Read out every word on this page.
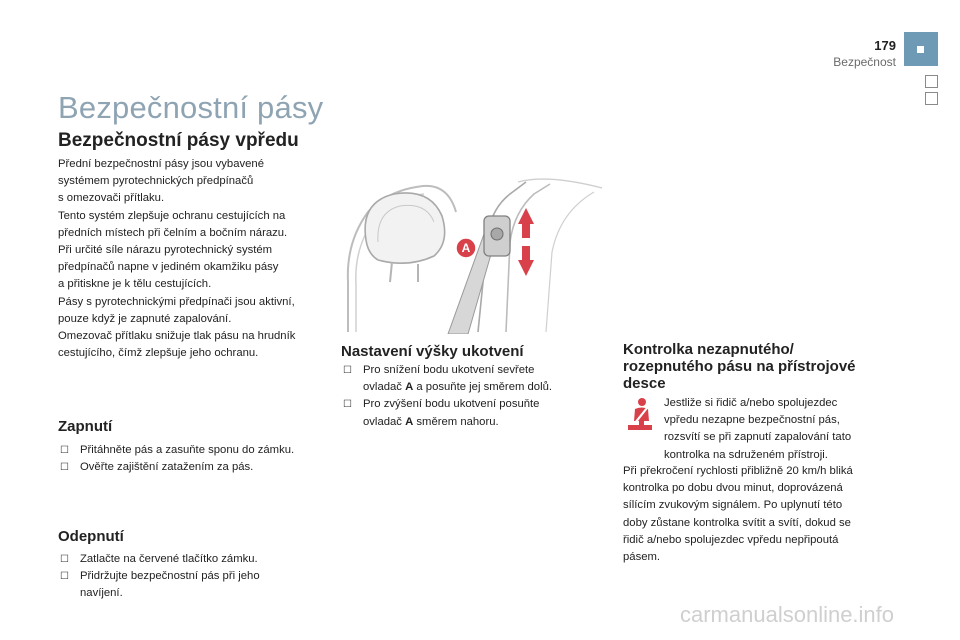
179
Bezpečnost
Bezpečnostní pásy
Bezpečnostní pásy vpředu
Přední bezpečnostní pásy jsou vybavené
systémem pyrotechnických předpínačů
s omezovači přítlaku.
Tento systém zlepšuje ochranu cestujících na
předních místech při čelním a bočním nárazu.
Při určité síle nárazu pyrotechnický systém
předpínačů napne v jediném okamžiku pásy
a přitiskne je k tělu cestujících.
Pásy s pyrotechnickými předpínači jsou aktivní,
pouze když je zapnuté zapalování.
Omezovač přítlaku snižuje tlak pásu na hrudník
cestujícího, čímž zlepšuje jeho ochranu.
Zapnutí
☐ Přitáhněte pás a zasuňte sponu do zámku.
☐ Ověřte zajištění zatažením za pás.
Odepnutí
☐ Zatlačte na červené tlačítko zámku.
☐ Přidržujte bezpečnostní pás při jeho
navíjení.
A
Nastavení výšky ukotvení
☐ Pro snížení bodu ukotvení sevřete
ovladač A a posuňte jej směrem dolů.
☐ Pro zvýšení bodu ukotvení posuňte
ovladač A směrem nahoru.
Kontrolka nezapnutého/
rozepnutého pásu na přístrojové
desce
Jestliže si řidič a/nebo spolujezdec
vpředu nezapne bezpečnostní pás,
rozsvítí se při zapnutí zapalování tato
kontrolka na sdruženém přístroji.
Při překročení rychlosti přibližně 20 km/h bliká
kontrolka po dobu dvou minut, doprovázená
sílícím zvukovým signálem. Po uplynutí této
doby zůstane kontrolka svítit a svítí, dokud se
řidič a/nebo spolujezdec vpředu nepřipoutá
pásem.
carmanualsonline.info
